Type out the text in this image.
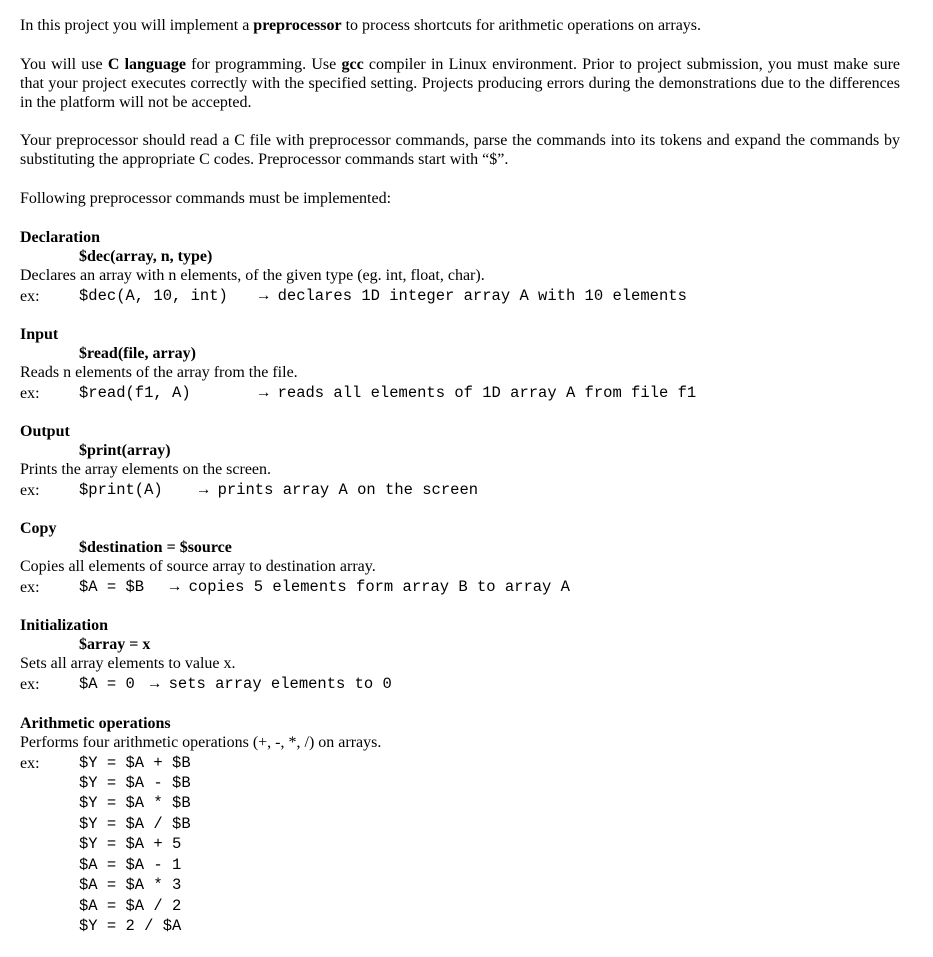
In this project you will implement a preprocessor to process shortcuts for arithmetic operations on arrays.

You will use C language for programming. Use gcc compiler in Linux environment. Prior to project submission, you must make sure that your project executes correctly with the specified setting. Projects producing errors during the demonstrations due to the differences in the platform will not be accepted.

Your preprocessor should read a C file with preprocessor commands, parse the commands into its tokens and expand the commands by substituting the appropriate C codes. Preprocessor commands start with “$”.

Following preprocessor commands must be implemented:

Declaration
$dec(array, n, type)
Declares an array with n elements, of the given type (eg. int, float, char).
ex:	$dec(A, 10, int) → declares 1D integer array A with 10 elements
Input
$read(file, array)
Reads n elements of the array from the file.
ex:	$read(f1, A)	→ reads all elements of 1D array A from file f1
Output
$print(array)
Prints the array elements on the screen.
ex:	$print(A) → prints array A on the screen
Copy
$destination = $source
Copies all elements of source array to destination array.
ex:	$A = $B → copies 5 elements form array B to array A
Initialization
$array = x
Sets all array elements to value x.
ex:	$A = 0 → sets array elements to 0
Arithmetic operations
Performs four arithmetic operations (+, -, *, /) on arrays.
ex:	$Y = $A + $B
$Y = $A - $B
$Y = $A * $B
$Y = $A / $B
$Y = $A + 5
$A = $A - 1
$A = $A * 3
$A = $A / 2
$Y = 2 / $A
